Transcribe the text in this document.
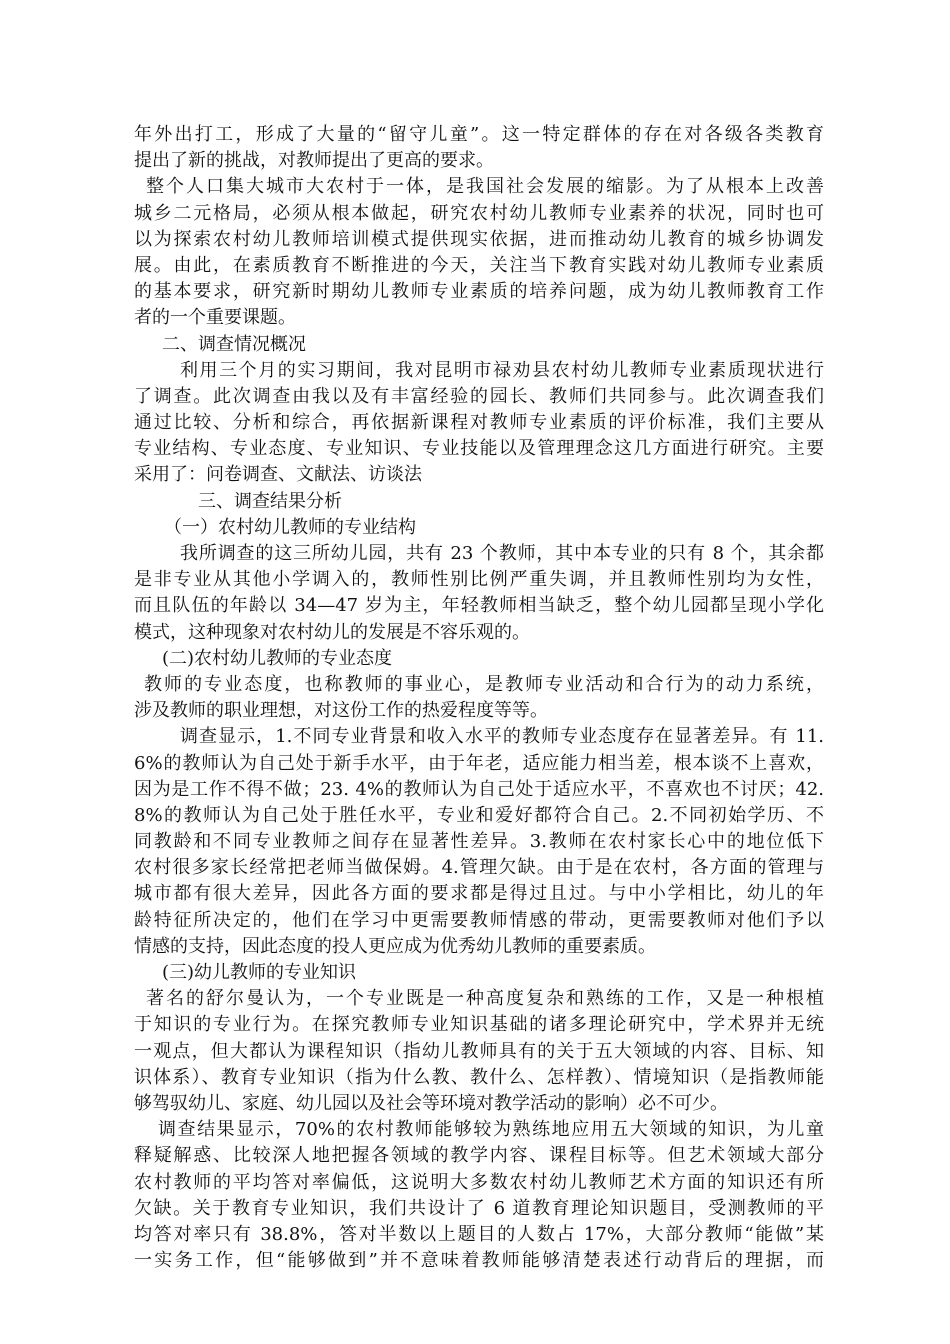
年外出打工，形成了大量的“留守儿童”。这一特定群体的存在对各级各类教育
提出了新的挑战，对教师提出了更高的要求。
整个人口集大城市大农村于一体，是我国社会发展的缩影。为了从根本上改善
城乡二元格局，必须从根本做起，研究农村幼儿教师专业素养的状况，同时也可
以为探索农村幼儿教师培训模式提供现实依据，进而推动幼儿教育的城乡协调发
展。由此，在素质教育不断推进的今天，关注当下教育实践对幼儿教师专业素质
的基本要求，研究新时期幼儿教师专业素质的培养问题，成为幼儿教师教育工作
者的一个重要课题。
二、调查情况概况
利用三个月的实习期间，我对昆明市禄劝县农村幼儿教师专业素质现状进行
了调查。此次调查由我以及有丰富经验的园长、教师们共同参与。此次调查我们
通过比较、分析和综合，再依据新课程对教师专业素质的评价标准，我们主要从
专业结构、专业态度、专业知识、专业技能以及管理理念这几方面进行研究。主要
采用了：问卷调查、文献法、访谈法
三、调查结果分析
（一）农村幼儿教师的专业结构
我所调查的这三所幼儿园，共有 23 个教师，其中本专业的只有 8 个，其余都
是非专业从其他小学调入的，教师性别比例严重失调，并且教师性别均为女性，
而且队伍的年龄以 34—47 岁为主，年轻教师相当缺乏，整个幼儿园都呈现小学化
模式，这种现象对农村幼儿的发展是不容乐观的。
(二)农村幼儿教师的专业态度
教师的专业态度，也称教师的事业心，是教师专业活动和合行为的动力系统，
涉及教师的职业理想，对这份工作的热爱程度等等。
调查显示，1.不同专业背景和收入水平的教师专业态度存在显著差异。有 11.
6%的教师认为自己处于新手水平，由于年老，适应能力相当差，根本谈不上喜欢，
因为是工作不得不做；23. 4%的教师认为自己处于适应水平，不喜欢也不讨厌；42.
8%的教师认为自己处于胜任水平，专业和爱好都符合自己。2.不同初始学历、不
同教龄和不同专业教师之间存在显著性差异。3.教师在农村家长心中的地位低下
农村很多家长经常把老师当做保姆。4.管理欠缺。由于是在农村，各方面的管理与
城市都有很大差异，因此各方面的要求都是得过且过。与中小学相比，幼儿的年
龄特征所决定的，他们在学习中更需要教师情感的带动，更需要教师对他们予以
情感的支持，因此态度的投人更应成为优秀幼儿教师的重要素质。
(三)幼儿教师的专业知识
著名的舒尔曼认为，一个专业既是一种高度复杂和熟练的工作，又是一种根植
于知识的专业行为。在探究教师专业知识基础的诸多理论研究中，学术界并无统
一观点，但大都认为课程知识（指幼儿教师具有的关于五大领域的内容、目标、知
识体系）、教育专业知识（指为什么教、教什么、怎样教）、情境知识（是指教师能
够驾驭幼儿、家庭、幼儿园以及社会等环境对教学活动的影响）必不可少。
调查结果显示，70%的农村教师能够较为熟练地应用五大领域的知识，为儿童
释疑解惑、比较深人地把握各领域的教学内容、课程目标等。但艺术领域大部分
农村教师的平均答对率偏低，这说明大多数农村幼儿教师艺术方面的知识还有所
欠缺。关于教育专业知识，我们共设计了 6 道教育理论知识题目，受测教师的平
均答对率只有 38.8%，答对半数以上题目的人数占 17%，大部分教师“能做”某
一实务工作，但“能够做到”并不意味着教师能够清楚表述行动背后的理据，而
